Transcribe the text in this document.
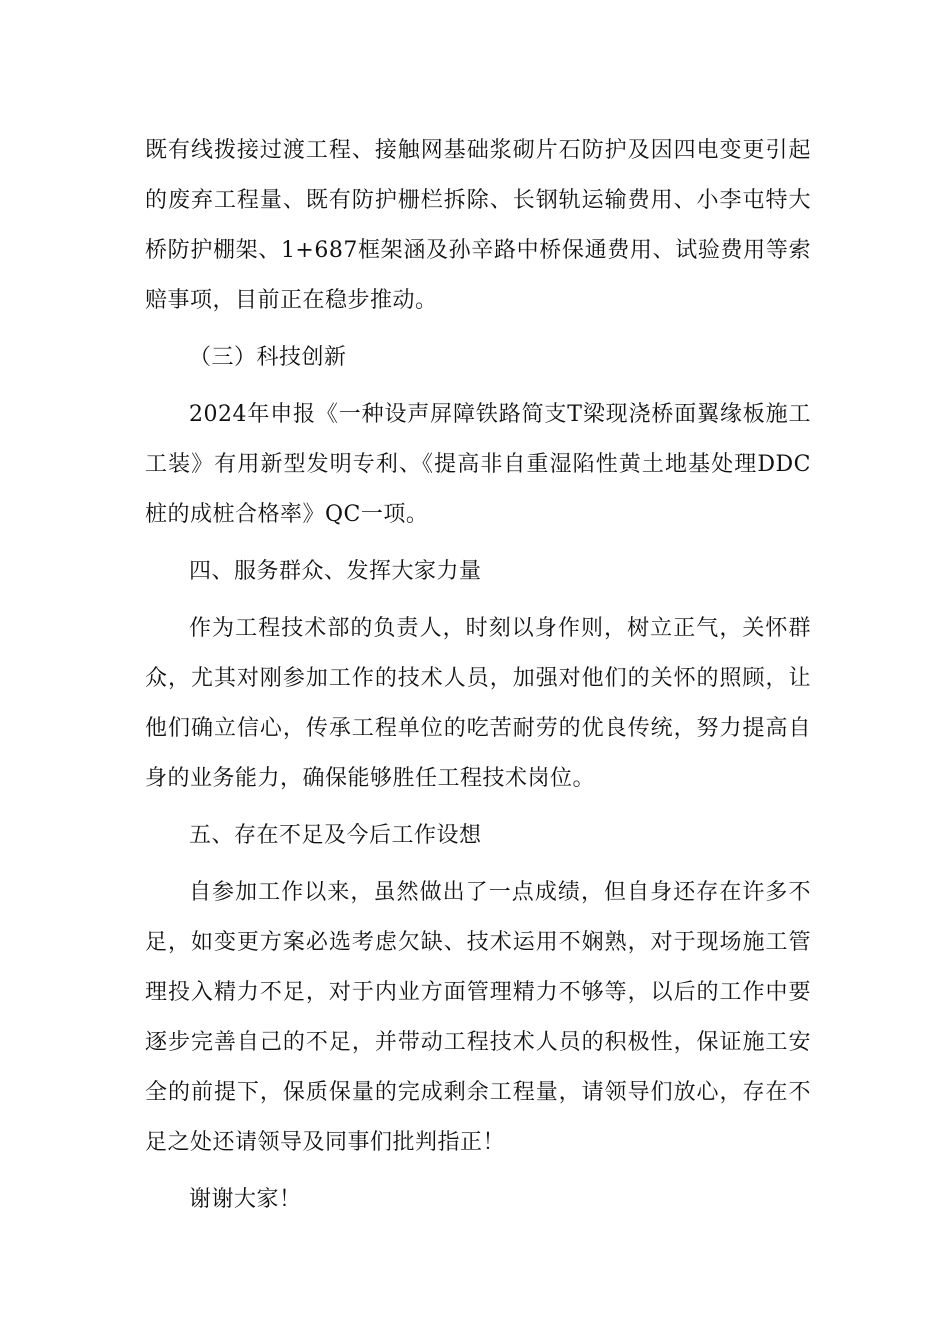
既有线拨接过渡工程、接触网基础浆砌片石防护及因四电变更引起的废弃工程量、既有防护栅栏拆除、长钢轨运输费用、小李屯特大桥防护棚架、1+687框架涵及孙辛路中桥保通费用、试验费用等索赔事项，目前正在稳步推动。

（三）科技创新

2024年申报《一种设声屏障铁路简支T梁现浇桥面翼缘板施工工装》有用新型发明专利、《提高非自重湿陷性黄土地基处理DDC桩的成桩合格率》QC一项。

四、服务群众、发挥大家力量

作为工程技术部的负责人，时刻以身作则，树立正气，关怀群众，尤其对刚参加工作的技术人员，加强对他们的关怀的照顾，让他们确立信心，传承工程单位的吃苦耐劳的优良传统，努力提高自身的业务能力，确保能够胜任工程技术岗位。

五、存在不足及今后工作设想

自参加工作以来，虽然做出了一点成绩，但自身还存在许多不足，如变更方案必选考虑欠缺、技术运用不娴熟，对于现场施工管理投入精力不足，对于内业方面管理精力不够等，以后的工作中要逐步完善自己的不足，并带动工程技术人员的积极性，保证施工安全的前提下，保质保量的完成剩余工程量，请领导们放心，存在不足之处还请领导及同事们批判指正！

谢谢大家！
